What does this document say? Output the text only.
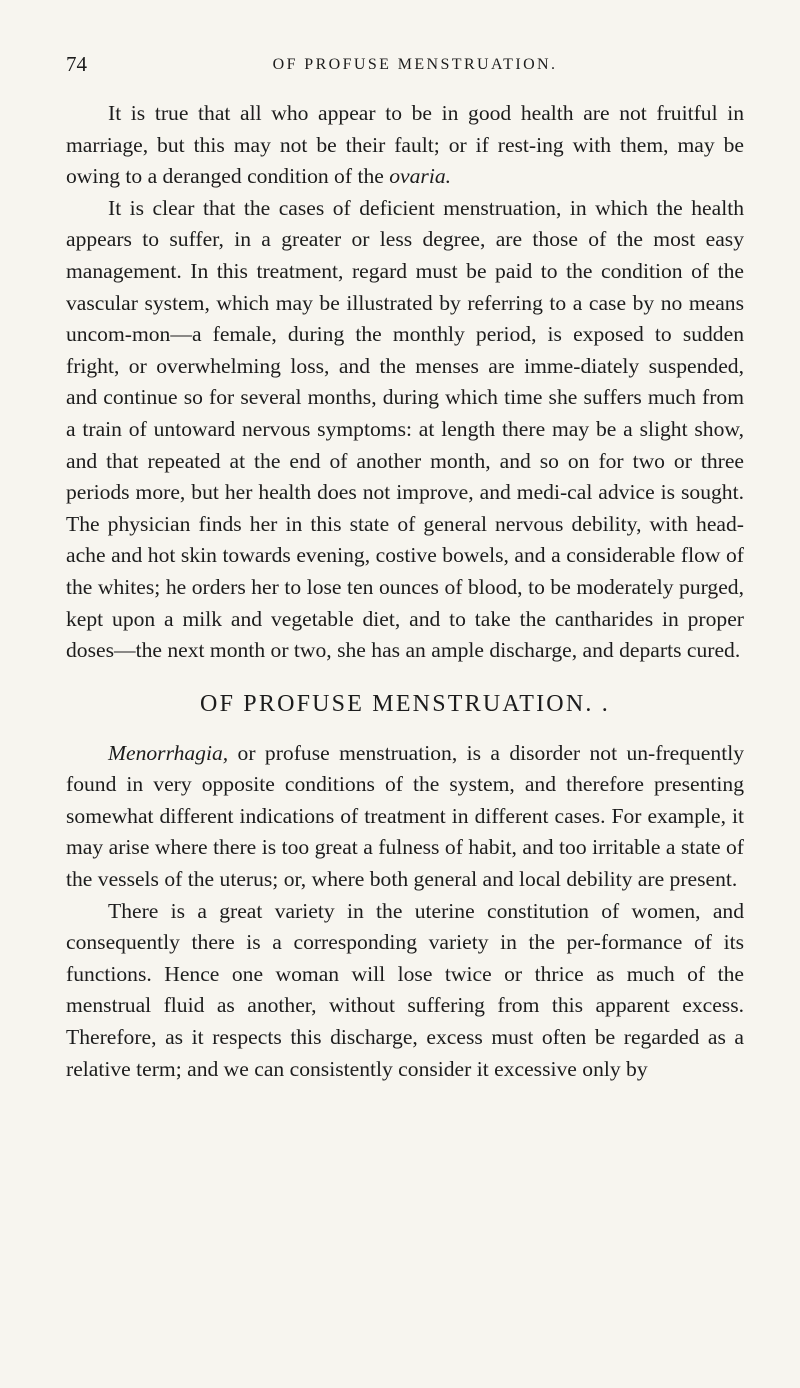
74	OF PROFUSE MENSTRUATION.

It is true that all who appear to be in good health are not fruitful in marriage, but this may not be their fault; or if rest-ing with them, may be owing to a deranged condition of the ovaria.

It is clear that the cases of deficient menstruation, in which the health appears to suffer, in a greater or less degree, are those of the most easy management. In this treatment, regard must be paid to the condition of the vascular system, which may be illustrated by referring to a case by no means uncom-mon—a female, during the monthly period, is exposed to sudden fright, or overwhelming loss, and the menses are imme-diately suspended, and continue so for several months, during which time she suffers much from a train of untoward nervous symptoms: at length there may be a slight show, and that repeated at the end of another month, and so on for two or three periods more, but her health does not improve, and medi-cal advice is sought. The physician finds her in this state of general nervous debility, with head-ache and hot skin towards evening, costive bowels, and a considerable flow of the whites; he orders her to lose ten ounces of blood, to be moderately purged, kept upon a milk and vegetable diet, and to take the cantharides in proper doses—the next month or two, she has an ample discharge, and departs cured.

OF PROFUSE MENSTRUATION. .

Menorrhagia, or profuse menstruation, is a disorder not un-frequently found in very opposite conditions of the system, and therefore presenting somewhat different indications of treatment in different cases. For example, it may arise where there is too great a fulness of habit, and too irritable a state of the vessels of the uterus; or, where both general and local debility are present.

There is a great variety in the uterine constitution of women, and consequently there is a corresponding variety in the per-formance of its functions. Hence one woman will lose twice or thrice as much of the menstrual fluid as another, without suffering from this apparent excess. Therefore, as it respects this discharge, excess must often be regarded as a relative term; and we can consistently consider it excessive only by
